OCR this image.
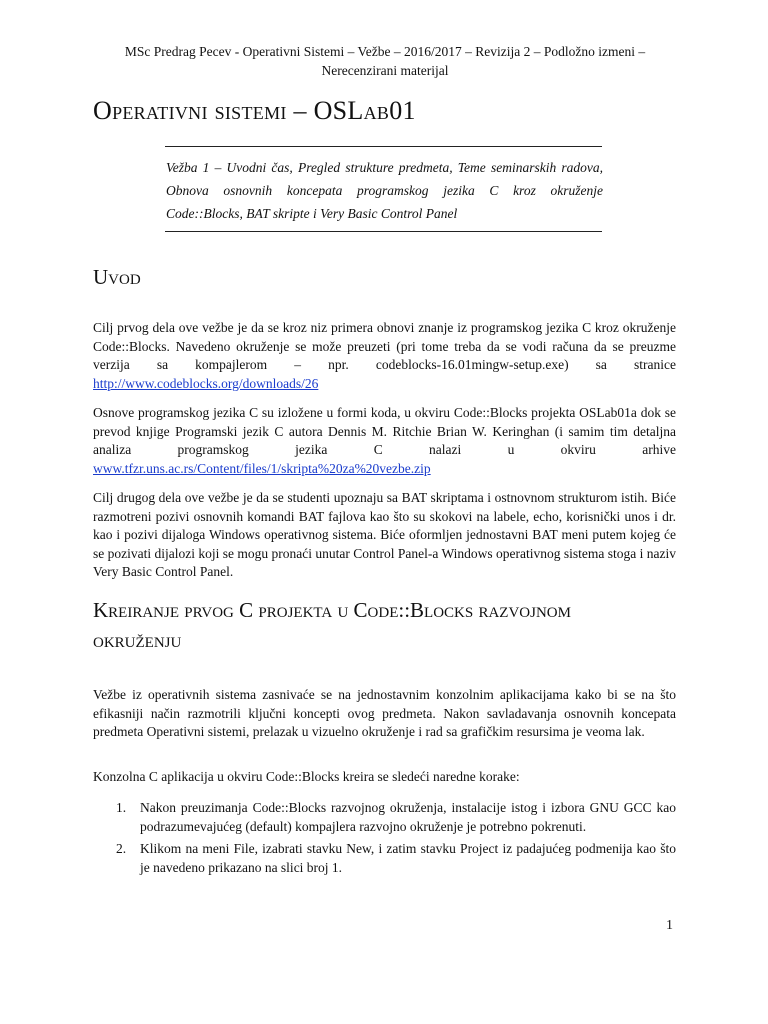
MSc Predrag Pecev - Operativni Sistemi – Vežbe – 2016/2017 – Revizija 2 – Podložno izmeni –
Nerecenzirani materijal
Operativni sistemi – OSLab01
Vežba 1 – Uvodni čas, Pregled strukture predmeta, Teme seminarskih radova, Obnova osnovnih koncepata programskog jezika C kroz okruženje Code::Blocks, BAT skripte i Very Basic Control Panel
Uvod

Cilj prvog dela ove vežbe je da se kroz niz primera obnovi znanje iz programskog jezika C kroz okruženje Code::Blocks. Navedeno okruženje se može preuzeti (pri tome treba da se vodi računa da se preuzme verzija sa kompajlerom – npr. codeblocks-16.01mingw-setup.exe) sa stranice http://www.codeblocks.org/downloads/26

Osnove programskog jezika C su izložene u formi koda, u okviru Code::Blocks projekta OSLab01a dok se prevod knjige Programski jezik C autora Dennis M. Ritchie Brian W. Keringhan (i samim tim detaljna analiza programskog jezika C nalazi u okviru arhive www.tfzr.uns.ac.rs/Content/files/1/skripta%20za%20vezbe.zip

Cilj drugog dela ove vežbe je da se studenti upoznaju sa BAT skriptama i ostnovnom strukturom istih. Biće razmotreni pozivi osnovnih komandi BAT fajlova kao što su skokovi na labele, echo, korisnički unos i dr. kao i pozivi dijaloga Windows operativnog sistema. Biće oformljen jednostavni BAT meni putem kojeg će se pozivati dijalozi koji se mogu pronaći unutar Control Panel-a Windows operativnog sistema stoga i naziv Very Basic Control Panel.

Kreiranje prvog C projekta u Code::Blocks razvojnom okruženju

Vežbe iz operativnih sistema zasnivaće se na jednostavnim konzolnim aplikacijama kako bi se na što efikasniji način razmotrili ključni koncepti ovog predmeta. Nakon savladavanja osnovnih koncepata predmeta Operativni sistemi, prelazak u vizuelno okruženje i rad sa grafičkim resursima je veoma lak.

Konzolna C aplikacija u okviru Code::Blocks kreira se sledeći naredne korake:

1. Nakon preuzimanja Code::Blocks razvojnog okruženja, instalacije istog i izbora GNU GCC kao podrazumevajućeg (default) kompajlera razvojno okruženje je potrebno pokrenuti.
2. Klikom na meni File, izabrati stavku New, i zatim stavku Project iz padajućeg podmenija kao što je navedeno prikazano na slici broj 1.
1
